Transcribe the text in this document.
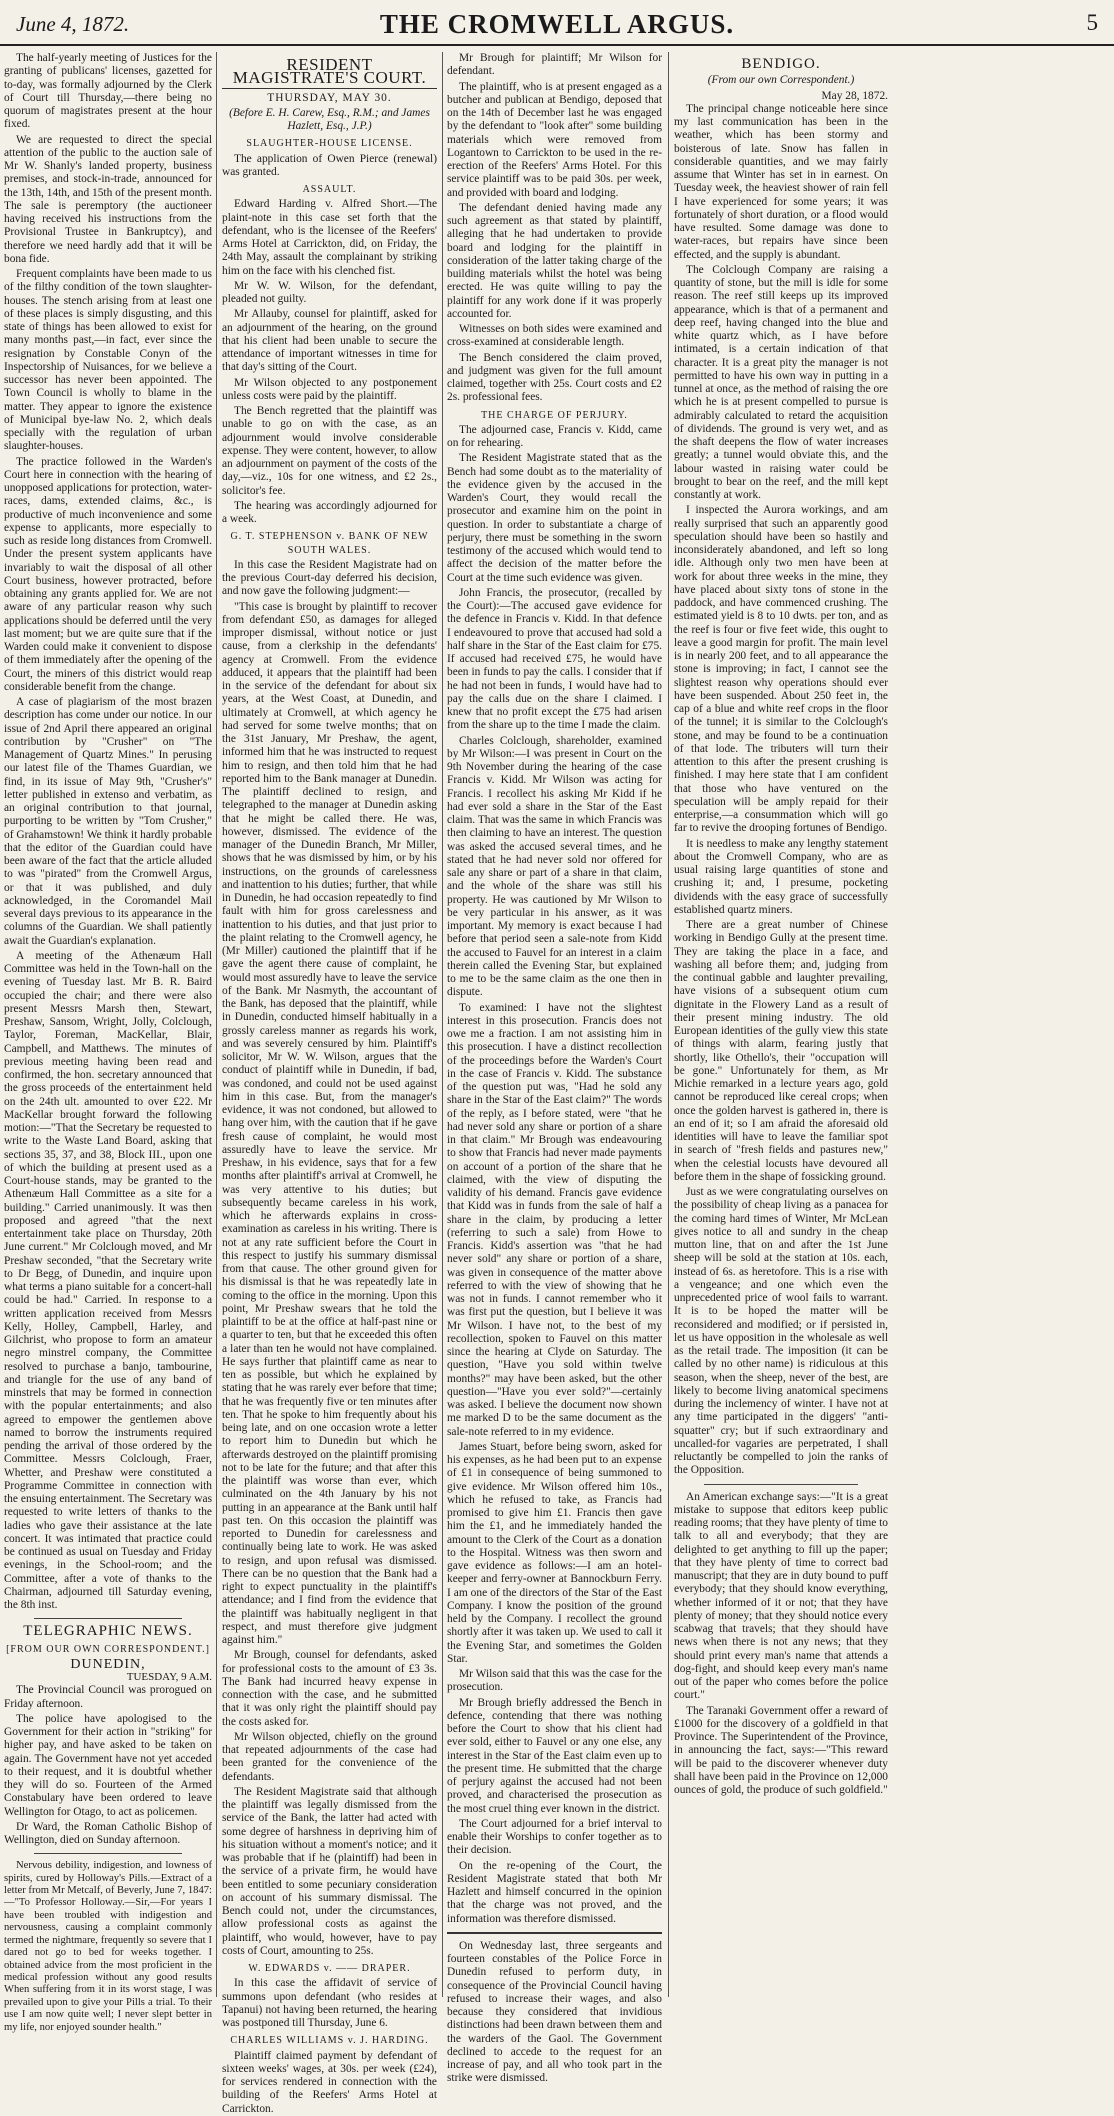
June 4, 1872.	THE CROMWELL ARGUS.	5

The half-yearly meeting of Justices for the granting of publicans' licenses, gazetted for to-day, was formally adjourned by the Clerk of Court till Thursday,—there being no quorum of magistrates present at the hour fixed.

We are requested to direct the special attention of the public to the auction sale of Mr W. Shanly's landed property, business premises, and stock-in-trade, announced for the 13th, 14th, and 15th of the present month. The sale is peremptory (the auctioneer having received his instructions from the Provisional Trustee in Bankruptcy), and therefore we need hardly add that it will be bona fide.

Frequent complaints have been made to us of the filthy condition of the town slaughter-houses. The stench arising from at least one of these places is simply disgusting, and this state of things has been allowed to exist for many months past,—in fact, ever since the resignation by Constable Conyn of the Inspectorship of Nuisances, for we believe a successor has never been appointed. The Town Council is wholly to blame in the matter. They appear to ignore the existence of Municipal bye-law No. 2, which deals specially with the regulation of urban slaughter-houses.

The practice followed in the Warden's Court here in connection with the hearing of unopposed applications for protection, water-races, dams, extended claims, &c., is productive of much inconvenience and some expense to applicants, more especially to such as reside long distances from Cromwell. Under the present system applicants have invariably to wait the disposal of all other Court business, however protracted, before obtaining any grants applied for. We are not aware of any particular reason why such applications should be deferred until the very last moment; but we are quite sure that if the Warden could make it convenient to dispose of them immediately after the opening of the Court, the miners of this district would reap considerable benefit from the change.

A case of plagiarism of the most brazen description has come under our notice. In our issue of 2nd April there appeared an original contribution by "Crusher" on "The Management of Quartz Mines." In perusing our latest file of the Thames Guardian, we find, in its issue of May 9th, "Crusher's" letter published in extenso and verbatim, as an original contribution to that journal, purporting to be written by "Tom Crusher," of Grahamstown! We think it hardly probable that the editor of the Guardian could have been aware of the fact that the article alluded to was "pirated" from the Cromwell Argus, or that it was published, and duly acknowledged, in the Coromandel Mail several days previous to its appearance in the columns of the Guardian. We shall patiently await the Guardian's explanation.

A meeting of the Athenæum Hall Committee was held in the Town-hall on the evening of Tuesday last. Mr B. R. Baird occupied the chair; and there were also present Messrs Marsh then, Stewart, Preshaw, Sansom, Wright, Jolly, Colclough, Taylor, Foreman, MacKellar, Blair, Campbell, and Matthews. The minutes of previous meeting having been read and confirmed, the hon. secretary announced that the gross proceeds of the entertainment held on the 24th ult. amounted to over £22. Mr MacKellar brought forward the following motion:—"That the Secretary be requested to write to the Waste Land Board, asking that sections 35, 37, and 38, Block III., upon one of which the building at present used as a Court-house stands, may be granted to the Athenæum Hall Committee as a site for a building." Carried unanimously. It was then proposed and agreed "that the next entertainment take place on Thursday, 20th June current." Mr Colclough moved, and Mr Preshaw seconded, "that the Secretary write to Dr Begg, of Dunedin, and inquire upon what terms a piano suitable for a concert-hall could be had." Carried. In response to a written application received from Messrs Kelly, Holley, Campbell, Harley, and Gilchrist, who propose to form an amateur negro minstrel company, the Committee resolved to purchase a banjo, tambourine, and triangle for the use of any band of minstrels that may be formed in connection with the popular entertainments; and also agreed to empower the gentlemen above named to borrow the instruments required pending the arrival of those ordered by the Committee. Messrs Colclough, Fraer, Whetter, and Preshaw were constituted a Programme Committee in connection with the ensuing entertainment. The Secretary was requested to write letters of thanks to the ladies who gave their assistance at the late concert. It was intimated that practice could be continued as usual on Tuesday and Friday evenings, in the School-room; and the Committee, after a vote of thanks to the Chairman, adjourned till Saturday evening, the 8th inst.

TELEGRAPHIC NEWS.
[FROM OUR OWN CORRESPONDENT.]
DUNEDIN,
TUESDAY, 9 A.M.

The Provincial Council was prorogued on Friday afternoon.

The police have apologised to the Government for their action in "striking" for higher pay, and have asked to be taken on again. The Government have not yet acceded to their request, and it is doubtful whether they will do so. Fourteen of the Armed Constabulary have been ordered to leave Wellington for Otago, to act as policemen.

Dr Ward, the Roman Catholic Bishop of Wellington, died on Sunday afternoon.

Nervous debility, indigestion, and lowness of spirits, cured by Holloway's Pills.—Extract of a letter from Mr Metcalf, of Beverly, June 7, 1847:—"To Professor Holloway.—Sir,—For years I have been troubled with indigestion and nervousness, causing a complaint commonly termed the nightmare, frequently so severe that I dared not go to bed for weeks together. I obtained advice from the most proficient in the medical profession without any good results When suffering from it in its worst stage, I was prevailed upon to give your Pills a trial. To their use I am now quite well; I never slept better in my life, nor enjoyed sounder health."

RESIDENT MAGISTRATE'S COURT.
THURSDAY, MAY 30.
(Before E. H. Carew, Esq., R.M.; and James Hazlett, Esq., J.P.)
SLAUGHTER-HOUSE LICENSE.

The application of Owen Pierce (renewal) was granted.

ASSAULT.

Edward Harding v. Alfred Short.—The plaint-note in this case set forth that the defendant, who is the licensee of the Reefers' Arms Hotel at Carrickton, did, on Friday, the 24th May, assault the complainant by striking him on the face with his clenched fist.

Mr W. W. Wilson, for the defendant, pleaded not guilty.

Mr Allauby, counsel for plaintiff, asked for an adjournment of the hearing, on the ground that his client had been unable to secure the attendance of important witnesses in time for that day's sitting of the Court.

Mr Wilson objected to any postponement unless costs were paid by the plaintiff.

The Bench regretted that the plaintiff was unable to go on with the case, as an adjournment would involve considerable expense. They were content, however, to allow an adjournment on payment of the costs of the day,—viz., 10s for one witness, and £2 2s., solicitor's fee.

The hearing was accordingly adjourned for a week.

G. T. STEPHENSON v. BANK OF NEW SOUTH WALES.

In this case the Resident Magistrate had on the previous Court-day deferred his decision, and now gave the following judgment:—

"This case is brought by plaintiff to recover from defendant £50, as damages for alleged improper dismissal, without notice or just cause, from a clerkship in the defendants' agency at Cromwell. From the evidence adduced, it appears that the plaintiff had been in the service of the defendant for about six years, at the West Coast, at Dunedin, and ultimately at Cromwell, at which agency he had served for some twelve months; that on the 31st January, Mr Preshaw, the agent, informed him that he was instructed to request him to resign, and then told him that he had reported him to the Bank manager at Dunedin. The plaintiff declined to resign, and telegraphed to the manager at Dunedin asking that he might be called there. He was, however, dismissed. The evidence of the manager of the Dunedin Branch, Mr Miller, shows that he was dismissed by him, or by his instructions, on the grounds of carelessness and inattention to his duties; further, that while in Dunedin, he had occasion repeatedly to find fault with him for gross carelessness and inattention to his duties, and that just prior to the plaint relating to the Cromwell agency, he (Mr Miller) cautioned the plaintiff that if he gave the agent there cause of complaint, he would most assuredly have to leave the service of the Bank. Mr Nasmyth, the accountant of the Bank, has deposed that the plaintiff, while in Dunedin, conducted himself habitually in a grossly careless manner as regards his work, and was severely censured by him. Plaintiff's solicitor, Mr W. W. Wilson, argues that the conduct of plaintiff while in Dunedin, if bad, was condoned, and could not be used against him in this case. But, from the manager's evidence, it was not condoned, but allowed to hang over him, with the caution that if he gave fresh cause of complaint, he would most assuredly have to leave the service. Mr Preshaw, in his evidence, says that for a few months after plaintiff's arrival at Cromwell, he was very attentive to his duties; but subsequently became careless in his work, which he afterwards explains in cross-examination as careless in his writing. There is not at any rate sufficient before the Court in this respect to justify his summary dismissal from that cause. The other ground given for his dismissal is that he was repeatedly late in coming to the office in the morning. Upon this point, Mr Preshaw swears that he told the plaintiff to be at the office at half-past nine or a quarter to ten, but that he exceeded this often a later than ten he would not have complained. He says further that plaintiff came as near to ten as possible, but which he explained by stating that he was rarely ever before that time; that he was frequently five or ten minutes after ten. That he spoke to him frequently about his being late, and on one occasion wrote a letter to report him to Dunedin but which he afterwards destroyed on the plaintiff promising not to be late for the future; and that after this the plaintiff was worse than ever, which culminated on the 4th January by his not putting in an appearance at the Bank until half past ten. On this occasion the plaintiff was reported to Dunedin for carelessness and continually being late to work. He was asked to resign, and upon refusal was dismissed. There can be no question that the Bank had a right to expect punctuality in the plaintiff's attendance; and I find from the evidence that the plaintiff was habitually negligent in that respect, and must therefore give judgment against him."

Mr Brough, counsel for defendants, asked for professional costs to the amount of £3 3s. The Bank had incurred heavy expense in connection with the case, and he submitted that it was only right the plaintiff should pay the costs asked for.

Mr Wilson objected, chiefly on the ground that repeated adjournments of the case had been granted for the convenience of the defendants.

The Resident Magistrate said that although the plaintiff was legally dismissed from the service of the Bank, the latter had acted with some degree of harshness in depriving him of his situation without a moment's notice; and it was probable that if he (plaintiff) had been in the service of a private firm, he would have been entitled to some pecuniary consideration on account of his summary dismissal. The Bench could not, under the circumstances, allow professional costs as against the plaintiff, who would, however, have to pay costs of Court, amounting to 25s.

W. EDWARDS v. —— DRAPER.

In this case the affidavit of service of summons upon defendant (who resides at Tapanui) not having been returned, the hearing was postponed till Thursday, June 6.

CHARLES WILLIAMS v. J. HARDING.

Plaintiff claimed payment by defendant of sixteen weeks' wages, at 30s. per week (£24), for services rendered in connection with the building of the Reefers' Arms Hotel at Carrickton.

Mr Brough for plaintiff; Mr Wilson for defendant.

The plaintiff, who is at present engaged as a butcher and publican at Bendigo, deposed that on the 14th of December last he was engaged by the defendant to "look after" some building materials which were removed from Logantown to Carrickton to be used in the re-erection of the Reefers' Arms Hotel. For this service plaintiff was to be paid 30s. per week, and provided with board and lodging.

The defendant denied having made any such agreement as that stated by plaintiff, alleging that he had undertaken to provide board and lodging for the plaintiff in consideration of the latter taking charge of the building materials whilst the hotel was being erected. He was quite willing to pay the plaintiff for any work done if it was properly accounted for.

Witnesses on both sides were examined and cross-examined at considerable length.

The Bench considered the claim proved, and judgment was given for the full amount claimed, together with 25s. Court costs and £2 2s. professional fees.

THE CHARGE OF PERJURY.

The adjourned case, Francis v. Kidd, came on for rehearing.

The Resident Magistrate stated that as the Bench had some doubt as to the materiality of the evidence given by the accused in the Warden's Court, they would recall the prosecutor and examine him on the point in question. In order to substantiate a charge of perjury, there must be something in the sworn testimony of the accused which would tend to affect the decision of the matter before the Court at the time such evidence was given.

John Francis, the prosecutor, (recalled by the Court):—The accused gave evidence for the defence in Francis v. Kidd. In that defence I endeavoured to prove that accused had sold a half share in the Star of the East claim for £75. If accused had received £75, he would have been in funds to pay the calls. I consider that if he had not been in funds, I would have had to pay the calls due on the share I claimed. I knew that no profit except the £75 had arisen from the share up to the time I made the claim.

Charles Colclough, shareholder, examined by Mr Wilson:—I was present in Court on the 9th November during the hearing of the case Francis v. Kidd. Mr Wilson was acting for Francis. I recollect his asking Mr Kidd if he had ever sold a share in the Star of the East claim. That was the same in which Francis was then claiming to have an interest. The question was asked the accused several times, and he stated that he had never sold nor offered for sale any share or part of a share in that claim, and the whole of the share was still his property. He was cautioned by Mr Wilson to be very particular in his answer, as it was important. My memory is exact because I had before that period seen a sale-note from Kidd the accused to Fauvel for an interest in a claim therein called the Evening Star, but explained to me to be the same claim as the one then in dispute.

To examined: I have not the slightest interest in this prosecution. Francis does not owe me a fraction. I am not assisting him in this prosecution. I have a distinct recollection of the proceedings before the Warden's Court in the case of Francis v. Kidd. The substance of the question put was, "Had he sold any share in the Star of the East claim?" The words of the reply, as I before stated, were "that he had never sold any share or portion of a share in that claim." Mr Brough was endeavouring to show that Francis had never made payments on account of a portion of the share that he claimed, with the view of disputing the validity of his demand. Francis gave evidence that Kidd was in funds from the sale of half a share in the claim, by producing a letter (referring to such a sale) from Howe to Francis. Kidd's assertion was "that he had never sold" any share or portion of a share, was given in consequence of the matter above referred to with the view of showing that he was not in funds. I cannot remember who it was first put the question, but I believe it was Mr Wilson. I have not, to the best of my recollection, spoken to Fauvel on this matter since the hearing at Clyde on Saturday. The question, "Have you sold within twelve months?" may have been asked, but the other question—"Have you ever sold?"—certainly was asked. I believe the document now shown me marked D to be the same document as the sale-note referred to in my evidence.

James Stuart, before being sworn, asked for his expenses, as he had been put to an expense of £1 in consequence of being summoned to give evidence. Mr Wilson offered him 10s., which he refused to take, as Francis had promised to give him £1. Francis then gave him the £1, and he immediately handed the amount to the Clerk of the Court as a donation to the Hospital. Witness was then sworn and gave evidence as follows:—I am an hotel-keeper and ferry-owner at Bannockburn Ferry. I am one of the directors of the Star of the East Company. I know the position of the ground held by the Company. I recollect the ground shortly after it was taken up. We used to call it the Evening Star, and sometimes the Golden Star.

Mr Wilson said that this was the case for the prosecution.

Mr Brough briefly addressed the Bench in defence, contending that there was nothing before the Court to show that his client had ever sold, either to Fauvel or any one else, any interest in the Star of the East claim even up to the present time. He submitted that the charge of perjury against the accused had not been proved, and characterised the prosecution as the most cruel thing ever known in the district.

The Court adjourned for a brief interval to enable their Worships to confer together as to their decision.

On the re-opening of the Court, the Resident Magistrate stated that both Mr Hazlett and himself concurred in the opinion that the charge was not proved, and the information was therefore dismissed.

On Wednesday last, three sergeants and fourteen constables of the Police Force in Dunedin refused to perform duty, in consequence of the Provincial Council having refused to increase their wages, and also because they considered that invidious distinctions had been drawn between them and the warders of the Gaol. The Government declined to accede to the request for an increase of pay, and all who took part in the strike were dismissed.

BENDIGO.
(From our own Correspondent.)
May 28, 1872.

The principal change noticeable here since my last communication has been in the weather, which has been stormy and boisterous of late. Snow has fallen in considerable quantities, and we may fairly assume that Winter has set in in earnest. On Tuesday week, the heaviest shower of rain fell I have experienced for some years; it was fortunately of short duration, or a flood would have resulted. Some damage was done to water-races, but repairs have since been effected, and the supply is abundant.

The Colclough Company are raising a quantity of stone, but the mill is idle for some reason. The reef still keeps up its improved appearance, which is that of a permanent and deep reef, having changed into the blue and white quartz which, as I have before intimated, is a certain indication of that character. It is a great pity the manager is not permitted to have his own way in putting in a tunnel at once, as the method of raising the ore which he is at present compelled to pursue is admirably calculated to retard the acquisition of dividends. The ground is very wet, and as the shaft deepens the flow of water increases greatly; a tunnel would obviate this, and the labour wasted in raising water could be brought to bear on the reef, and the mill kept constantly at work.

I inspected the Aurora workings, and am really surprised that such an apparently good speculation should have been so hastily and inconsiderately abandoned, and left so long idle. Although only two men have been at work for about three weeks in the mine, they have placed about sixty tons of stone in the paddock, and have commenced crushing. The estimated yield is 8 to 10 dwts. per ton, and as the reef is four or five feet wide, this ought to leave a good margin for profit. The main level is in nearly 200 feet, and to all appearance the stone is improving; in fact, I cannot see the slightest reason why operations should ever have been suspended. About 250 feet in, the cap of a blue and white reef crops in the floor of the tunnel; it is similar to the Colclough's stone, and may be found to be a continuation of that lode. The tributers will turn their attention to this after the present crushing is finished. I may here state that I am confident that those who have ventured on the speculation will be amply repaid for their enterprise,—a consummation which will go far to revive the drooping fortunes of Bendigo.

It is needless to make any lengthy statement about the Cromwell Company, who are as usual raising large quantities of stone and crushing it; and, I presume, pocketing dividends with the easy grace of successfully established quartz miners.

There are a great number of Chinese working in Bendigo Gully at the present time. They are taking the place in a face, and washing all before them; and, judging from the continual gabble and laughter prevailing, have visions of a subsequent otium cum dignitate in the Flowery Land as a result of their present mining industry. The old European identities of the gully view this state of things with alarm, fearing justly that shortly, like Othello's, their "occupation will be gone." Unfortunately for them, as Mr Michie remarked in a lecture years ago, gold cannot be reproduced like cereal crops; when once the golden harvest is gathered in, there is an end of it; so I am afraid the aforesaid old identities will have to leave the familiar spot in search of "fresh fields and pastures new," when the celestial locusts have devoured all before them in the shape of fossicking ground.

Just as we were congratulating ourselves on the possibility of cheap living as a panacea for the coming hard times of Winter, Mr McLean gives notice to all and sundry in the cheap mutton line, that on and after the 1st June sheep will be sold at the station at 10s. each, instead of 6s. as heretofore. This is a rise with a vengeance; and one which even the unprecedented price of wool fails to warrant. It is to be hoped the matter will be reconsidered and modified; or if persisted in, let us have opposition in the wholesale as well as the retail trade. The imposition (it can be called by no other name) is ridiculous at this season, when the sheep, never of the best, are likely to become living anatomical specimens during the inclemency of winter. I have not at any time participated in the diggers' "anti-squatter" cry; but if such extraordinary and uncalled-for vagaries are perpetrated, I shall reluctantly be compelled to join the ranks of the Opposition.

An American exchange says:—"It is a great mistake to suppose that editors keep public reading rooms; that they have plenty of time to talk to all and everybody; that they are delighted to get anything to fill up the paper; that they have plenty of time to correct bad manuscript; that they are in duty bound to puff everybody; that they should know everything, whether informed of it or not; that they have plenty of money; that they should notice every scabwag that travels; that they should have news when there is not any news; that they should print every man's name that attends a dog-fight, and should keep every man's name out of the paper who comes before the police court."

The Taranaki Government offer a reward of £1000 for the discovery of a goldfield in that Province. The Superintendent of the Province, in announcing the fact, says:—"This reward will be paid to the discoverer whenever duty shall have been paid in the Province on 12,000 ounces of gold, the produce of such goldfield."
